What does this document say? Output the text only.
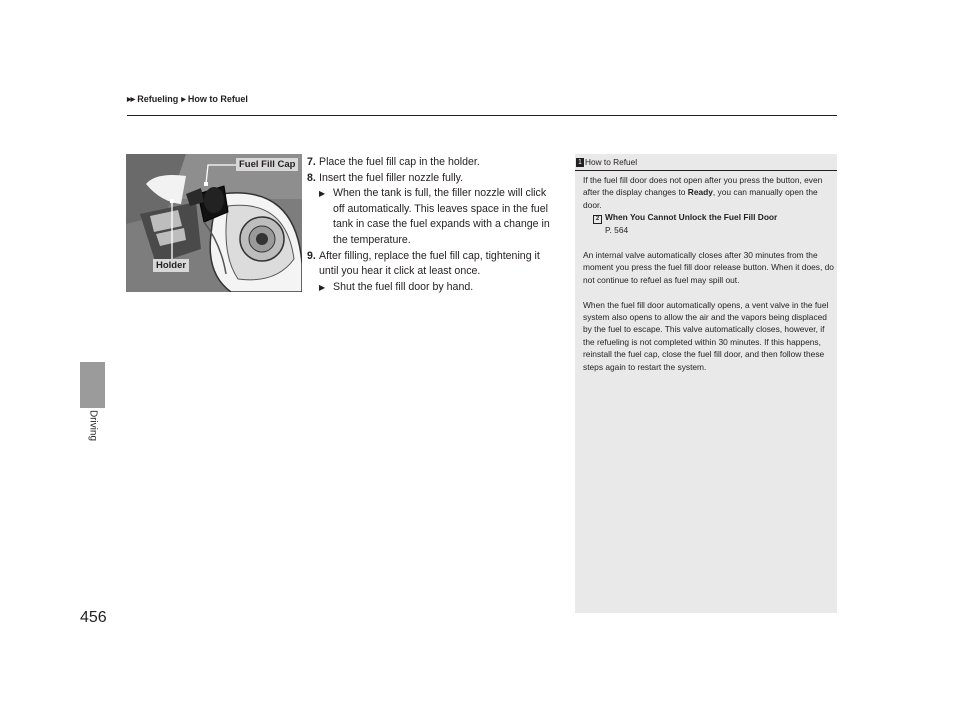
▶▶ Refueling ▶ How to Refuel
Driving
456
Fuel Fill Cap
Holder
7. Place the fuel fill cap in the holder.
8. Insert the fuel filler nozzle fully.
▶ When the tank is full, the filler nozzle will click off automatically. This leaves space in the fuel tank in case the fuel expands with a change in the temperature.
9. After filling, replace the fuel fill cap, tightening it until you hear it click at least once.
▶ Shut the fuel fill door by hand.
1 How to Refuel

If the fuel fill door does not open after you press the button, even after the display changes to Ready, you can manually open the door.

2 When You Cannot Unlock the Fuel Fill Door
P. 564

An internal valve automatically closes after 30 minutes from the moment you press the fuel fill door release button. When it does, do not continue to refuel as fuel may spill out.

When the fuel fill door automatically opens, a vent valve in the fuel system also opens to allow the air and the vapors being displaced by the fuel to escape. This valve automatically closes, however, if the refueling is not completed within 30 minutes. If this happens, reinstall the fuel cap, close the fuel fill door, and then follow these steps again to restart the system.
